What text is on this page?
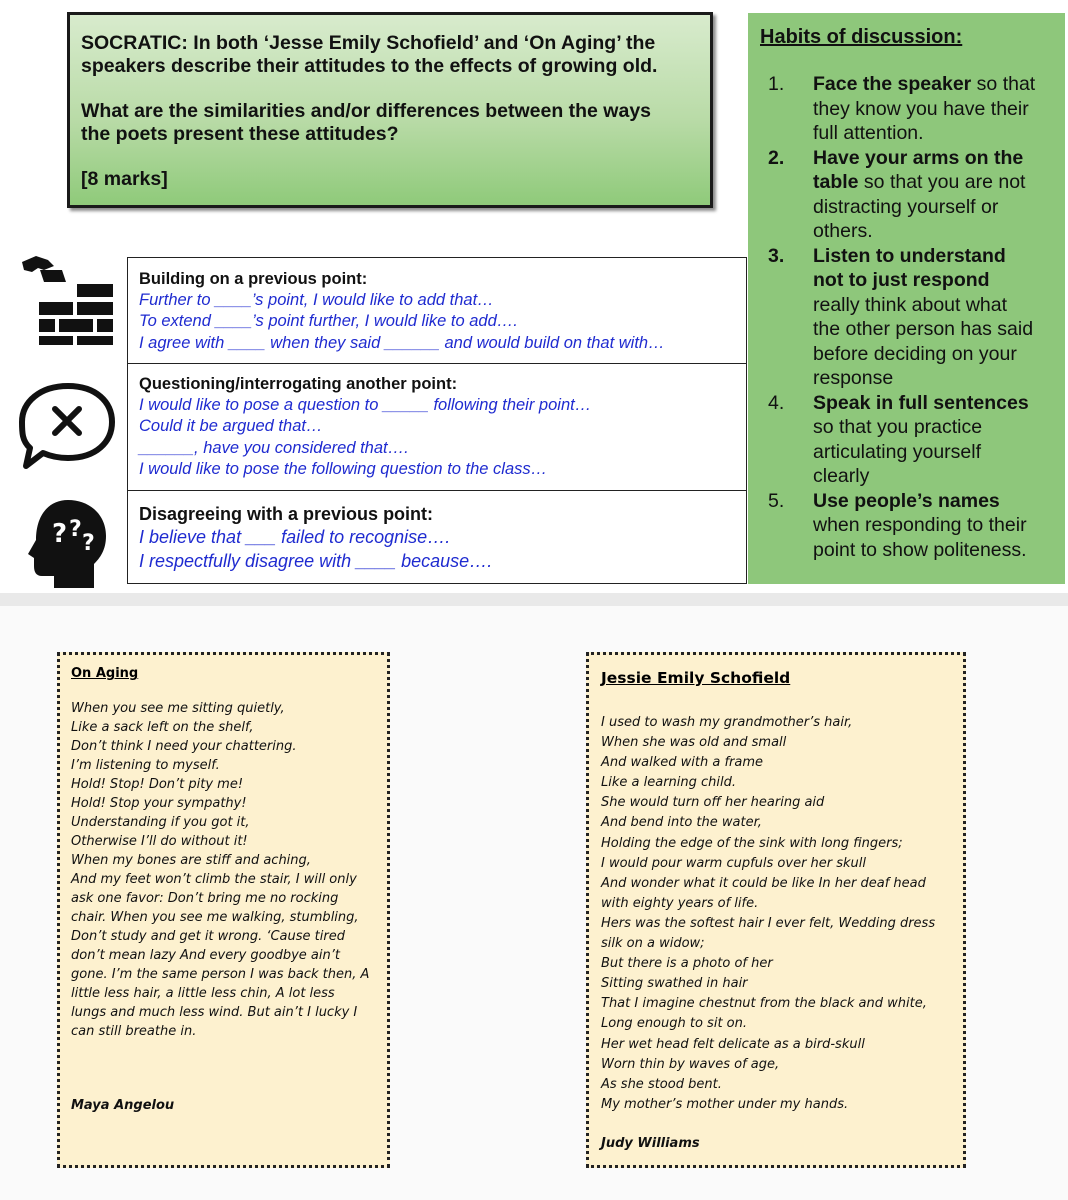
SOCRATIC: In both ‘Jesse Emily Schofield’ and ‘On Aging’ the

speakers describe their attitudes to the effects of growing old.

What are the similarities and/or differences between the ways

the poets present these attitudes?

[8 marks]

Habits of discussion:

1. Face the speaker so that
they know you have their
full attention.
2. Have your arms on the
table so that you are not
distracting yourself or
others.
3. Listen to understand
not to just respond
really think about what
the other person has said
before deciding on your
response
4. Speak in full sentences
so that you practice
articulating yourself
clearly
5. Use people’s names
when responding to their
point to show politeness.
? ?
?

Building on a previous point:

Further to ____’s point, I would like to add that…

To extend ____’s point further, I would like to add….

I agree with ____ when they said ______ and would build on that with…

Questioning/interrogating another point:

I would like to pose a question to _____ following their point…

Could it be argued that…

______, have you considered that….

I would like to pose the following question to the class…

Disagreeing with a previous point:

I believe that ___ failed to recognise….

I respectfully disagree with ____ because….

On Aging

When you see me sitting quietly,

Like a sack left on the shelf,

Don’t think I need your chattering.

I’m listening to myself.

Hold! Stop! Don’t pity me!

Hold! Stop your sympathy!

Understanding if you got it,

Otherwise I’ll do without it!

When my bones are stiff and aching,

And my feet won’t climb the stair, I will only

ask one favor: Don’t bring me no rocking

chair. When you see me walking, stumbling,

Don’t study and get it wrong. ‘Cause tired

don’t mean lazy And every goodbye ain’t

gone. I’m the same person I was back then, A

little less hair, a little less chin, A lot less

lungs and much less wind. But ain’t I lucky I

can still breathe in.

Maya Angelou

Jessie Emily Schofield

I used to wash my grandmother’s hair,

When she was old and small

And walked with a frame

Like a learning child.

She would turn off her hearing aid

And bend into the water,

Holding the edge of the sink with long fingers;

I would pour warm cupfuls over her skull

And wonder what it could be like In her deaf head

with eighty years of life.

Hers was the softest hair I ever felt, Wedding dress

silk on a widow;

But there is a photo of her

Sitting swathed in hair

That I imagine chestnut from the black and white,

Long enough to sit on.

Her wet head felt delicate as a bird-skull

Worn thin by waves of age,

As she stood bent.

My mother’s mother under my hands.

Judy Williams
